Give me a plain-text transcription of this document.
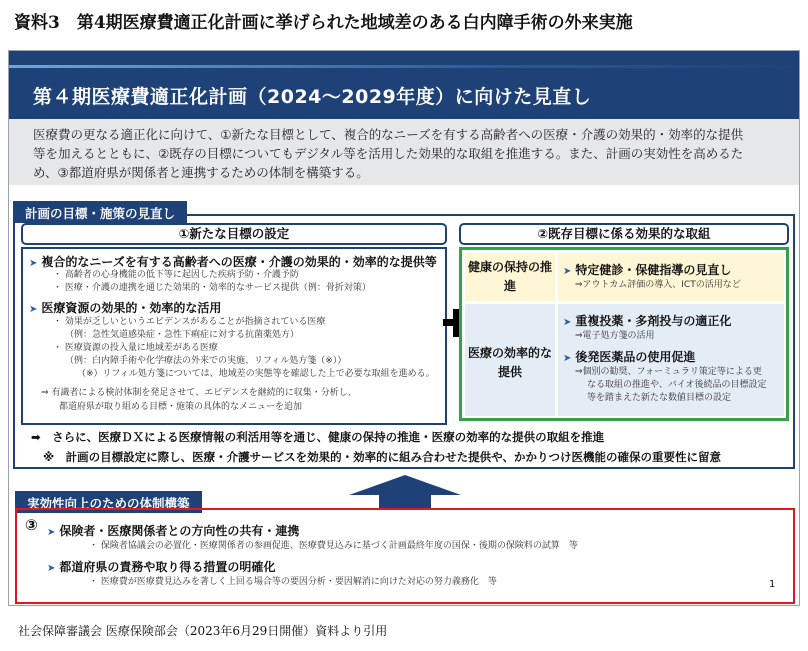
資料3　第4期医療費適正化計画に挙げられた地域差のある白内障手術の外来実施
第４期医療費適正化計画（2024～2029年度）に向けた見直し
医療費の更なる適正化に向けて、①新たな目標として、複合的なニーズを有する高齢者への医療・介護の効果的・効率的な提供
等を加えるとともに、②既存の目標についてもデジタル等を活用した効果的な取組を推進する。また、計画の実効性を高めるた
め、③都道府県が関係者と連携するための体制を構築する。
計画の目標・施策の見直し
①新たな目標の設定	②既存目標に係る効果的な取組
➤ 複合的なニーズを有する高齢者への医療・介護の効果的・効率的な提供等
・ 高齢者の心身機能の低下等に起因した疾病予防・介護予防
・ 医療・介護の連携を通じた効果的・効率的なサービス提供（例：骨折対策）
➤ 医療資源の効果的・効率的な活用
・ 効果が乏しいというエビデンスがあることが指摘されている医療
（例：急性気道感染症・急性下痢症に対する抗菌薬処方）
・ 医療資源の投入量に地域差がある医療
（例：白内障手術や化学療法の外来での実施、リフィル処方箋（※））
（※）リフィル処方箋については、地域差の実態等を確認した上で必要な取組を進める。
⇒ 有識者による検討体制を発足させて、エビデンスを継続的に収集・分析し、
都道府県が取り組める目標・施策の具体的なメニューを追加
健康の保持の推進
➤ 特定健診・保健指導の見直し
⇒アウトカム評価の導入、ICTの活用など
医療の効率的な提供
➤ 重複投薬・多剤投与の適正化
⇒電子処方箋の活用
➤ 後発医薬品の使用促進
⇒個別の勧奨、フォーミュラリ策定等による更
なる取組の推進や、バイオ後続品の目標設定
等を踏まえた新たな数値目標の設定
➡　さらに、医療ＤＸによる医療情報の利活用等を通じ、健康の保持の推進・医療の効率的な提供の取組を推進
※　計画の目標設定に際し、医療・介護サービスを効果的・効率的に組み合わせた提供や、かかりつけ医機能の確保の重要性に留意
実効性向上のための体制構築
③ ➤ 保険者・医療関係者との方向性の共有・連携
・ 保険者協議会の必置化・医療関係者の参画促進、医療費見込みに基づく計画最終年度の国保・後期の保険料の試算　等
➤ 都道府県の責務や取り得る措置の明確化
・ 医療費が医療費見込みを著しく上回る場合等の要因分析・要因解消に向けた対応の努力義務化　等	1
社会保障審議会 医療保険部会（2023年6月29日開催）資料より引用
